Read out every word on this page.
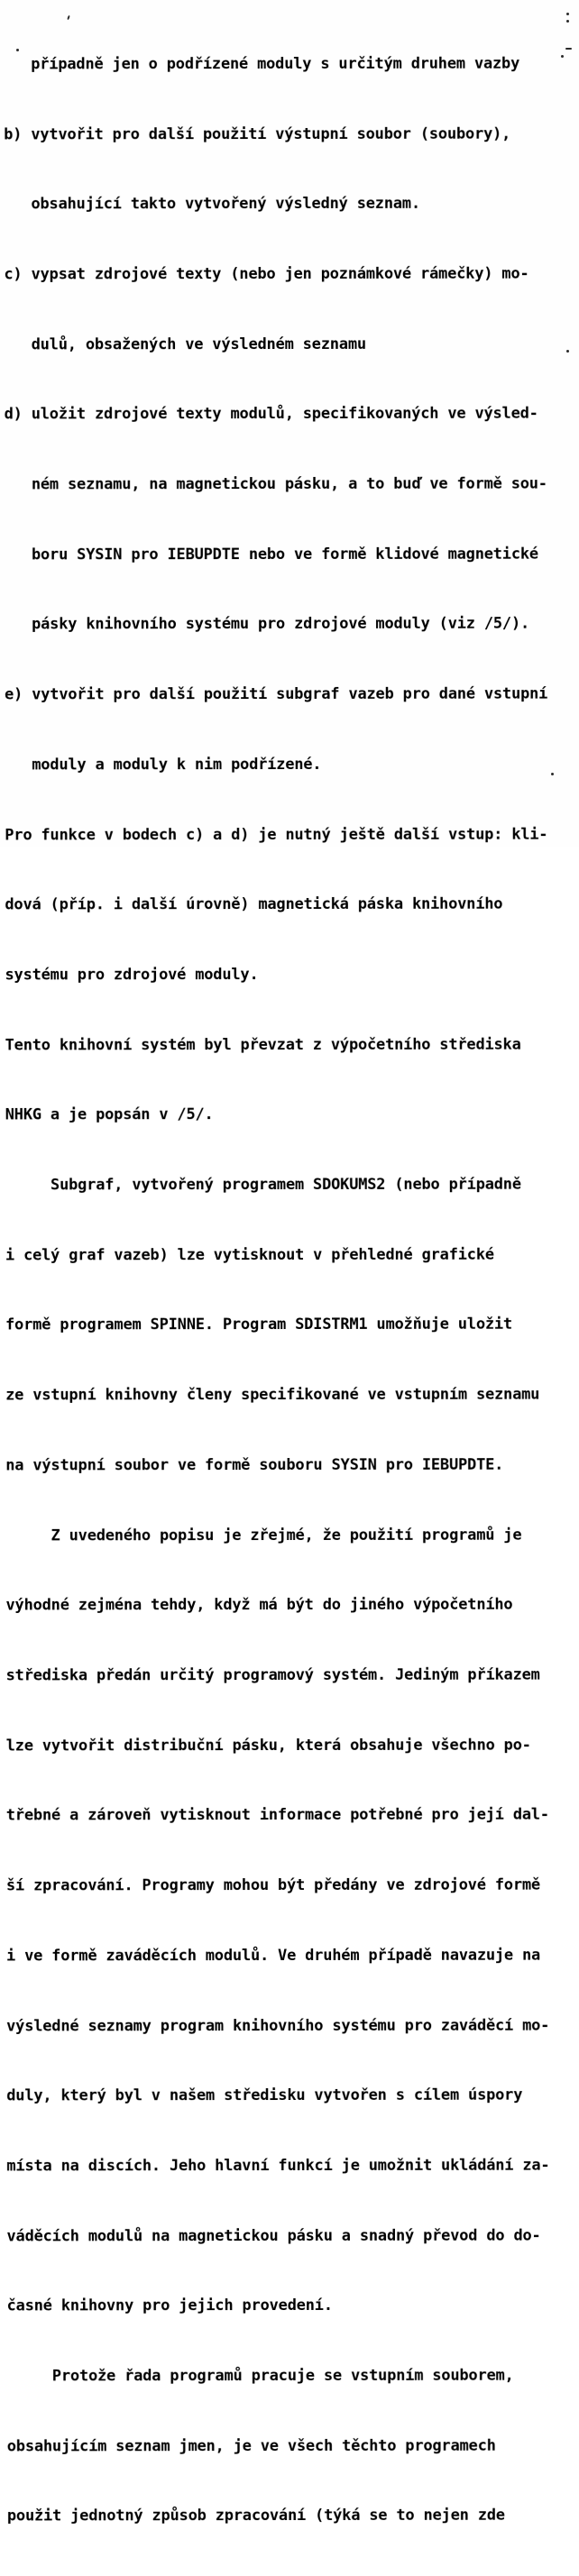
případně jen o podřízené moduly s určitým druhem vazby

b) vytvořit pro další použití výstupní soubor (soubory),

obsahující takto vytvořený výsledný seznam.

c) vypsat zdrojové texty (nebo jen poznámkové rámečky) mo-

dulů, obsažených ve výsledném seznamu

d) uložit zdrojové texty modulů, specifikovaných ve výsled-

ném seznamu, na magnetickou pásku, a to buď ve formě sou-

boru SYSIN pro IEBUPDTE nebo ve formě klidové magnetické

pásky knihovního systému pro zdrojové moduly (viz /5/).

e) vytvořit pro další použití subgraf vazeb pro dané vstupní

moduly a moduly k nim podřízené.

Pro funkce v bodech c) a d) je nutný ještě další vstup: kli-

dová (příp. i další úrovně) magnetická páska knihovního

systému pro zdrojové moduly.

Tento knihovní systém byl převzat z výpočetního střediska

NHKG a je popsán v /5/.

Subgraf, vytvořený programem SDOKUMS2 (nebo případně

i celý graf vazeb) lze vytisknout v přehledné grafické

formě programem SPINNE. Program SDISTRM1 umožňuje uložit

ze vstupní knihovny členy specifikované ve vstupním seznamu

na výstupní soubor ve formě souboru SYSIN pro IEBUPDTE.

Z uvedeného popisu je zřejmé, že použití programů je

výhodné zejména tehdy, když má být do jiného výpočetního

střediska předán určitý programový systém. Jediným příkazem

lze vytvořit distribuční pásku, která obsahuje všechno po-

třebné a zároveň vytisknout informace potřebné pro její dal-

ší zpracování. Programy mohou být předány ve zdrojové formě

i ve formě zaváděcích modulů. Ve druhém případě navazuje na

výsledné seznamy program knihovního systému pro zaváděcí mo-

duly, který byl v našem středisku vytvořen s cílem úspory

místa na discích. Jeho hlavní funkcí je umožnit ukládání za-

váděcích modulů na magnetickou pásku a snadný převod do do-

časné knihovny pro jejich provedení.

Protože řada programů pracuje se vstupním souborem,

obsahujícím seznam jmen, je ve všech těchto programech

použit jednotný způsob zpracování (týká se to nejen zde
